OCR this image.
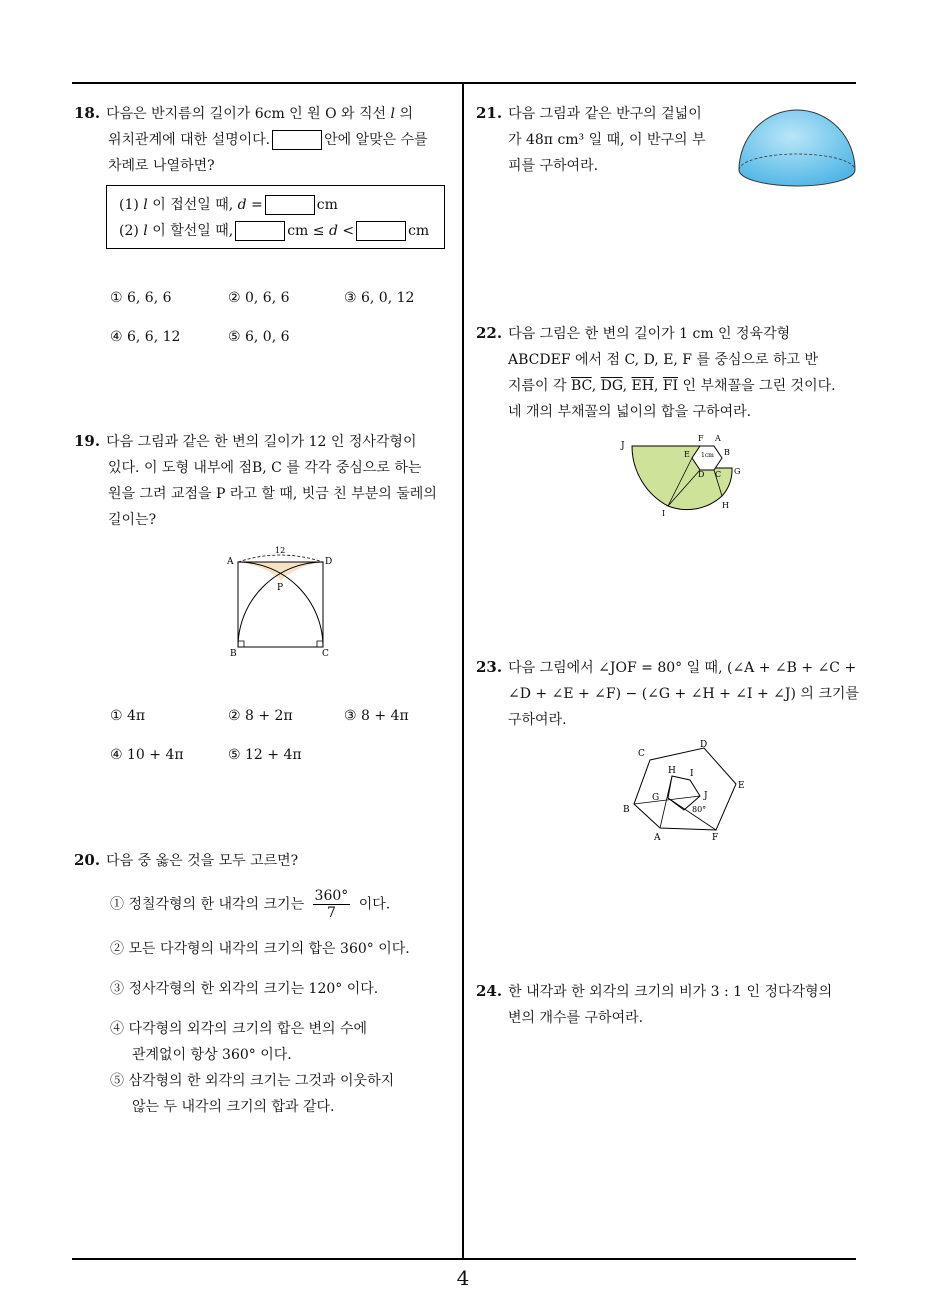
18. 다음은 반지름의 길이가 6cm 인 원 O 와 직선 l 의
위치관계에 대한 설명이다.	안에 알맞은 수를
차례로 나열하면?
(1) l 이 접선일 때, d =	cm
(2) l 이 할선일 때,	cm ≤ d <	cm
① 6, 6, 6	② 0, 6, 6	③ 6, 0, 12
④ 6, 6, 12	⑤ 6, 0, 6
19. 다음 그림과 같은 한 변의 길이가 12 인 정사각형이
있다. 이 도형 내부에 점B, C 를 각각 중심으로 하는
원을 그려 교점을 P 라고 할 때, 빗금 친 부분의 둘레의
길이는?
A	D
B	C
P
12
① 4π	② 8 + 2π	③ 8 + 4π
④ 10 + 4π	⑤ 12 + 4π
20. 다음 중 옳은 것을 모두 고르면?
① 정칠각형의 한 내각의 크기는 $\frac{360^\circ}{7}$ 이다.
② 모든 다각형의 내각의 크기의 합은 360° 이다.
③ 정사각형의 한 외각의 크기는 120° 이다.
④ 다각형의 외각의 크기의 합은 변의 수에
관계없이 항상 360° 이다.
⑤ 삼각형의 한 외각의 크기는 그것과 이웃하지
않는 두 내각의 크기의 합과 같다.
21. 다음 그림과 같은 반구의 겉넓이
가 48π cm³ 일 때, 이 반구의 부
피를 구하여라.
22. 다음 그림은 한 변의 길이가 1 cm 인 정육각형
ABCDEF 에서 점 C, D, E, F 를 중심으로 하고 반
지름이 각 $\overline{BC}$, $\overline{DG}$, $\overline{EH}$, $\overline{FI}$ 인 부채꼴을 그린 것이다.
네 개의 부채꼴의 넓이의 합을 구하여라.
J
F A
E	B
D C G
H
I
1cm
23. 다음 그림에서 ∠JOF = 80° 일 때, (∠A + ∠B + ∠C +
∠D + ∠E + ∠F) − (∠G + ∠H + ∠I + ∠J) 의 크기를
구하여라.
C
D
E
F
A
B
H I
G	J
80°
24. 한 내각과 한 외각의 크기의 비가 3 : 1 인 정다각형의
변의 개수를 구하여라.
4
